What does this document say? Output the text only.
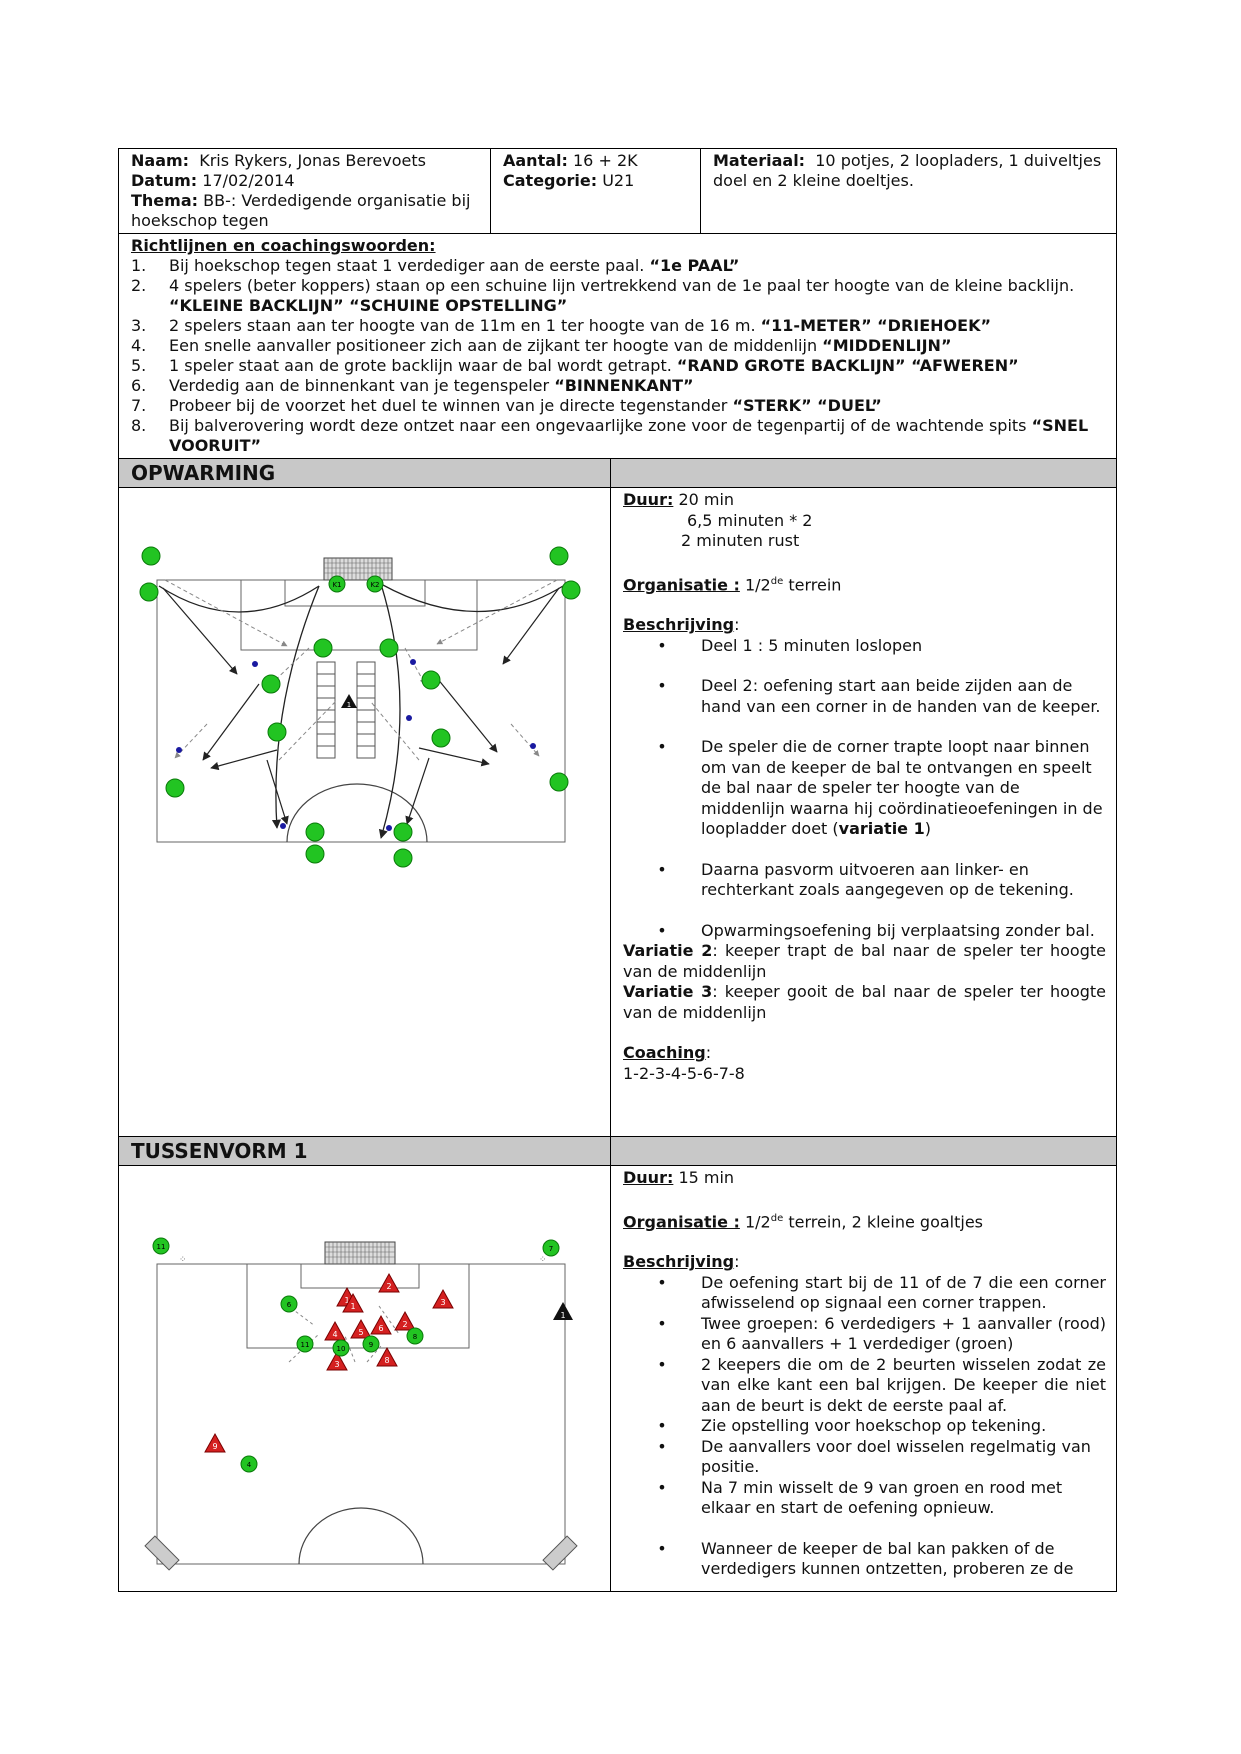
Naam: Kris Rykers, Jonas Berevoets
Datum: 17/02/2014
Thema: BB-: Verdedigende organisatie bij hoekschop tegen
Aantal: 16 + 2K
Categorie: U21
Materiaal: 10 potjes, 2 loopladers, 1 duiveltjes doel en 2 kleine doeltjes.
Richtlijnen en coachingswoorden:
1.	Bij hoekschop tegen staat 1 verdediger aan de eerste paal. “1e PAAL”
2.	4 spelers (beter koppers) staan op een schuine lijn vertrekkend van de 1e paal ter hoogte van de kleine backlijn. “KLEINE BACKLIJN” “SCHUINE OPSTELLING”
3.	2 spelers staan aan ter hoogte van de 11m en 1 ter hoogte van de 16 m. “11-METER” “DRIEHOEK”
4.	Een snelle aanvaller positioneer zich aan de zijkant ter hoogte van de middenlijn “MIDDENLIJN”
5.	1 speler staat aan de grote backlijn waar de bal wordt getrapt. “RAND GROTE BACKLIJN” “AFWEREN”
6.	Verdedig aan de binnenkant van je tegenspeler “BINNENKANT”
7.	Probeer bij de voorzet het duel te winnen van je directe tegenstander “STERK” “DUEL”
8.	Bij balverovering wordt deze ontzet naar een ongevaarlijke zone voor de tegenpartij of de wachtende spits “SNEL VOORUIT”
OPWARMING
1
K1	K2
Duur: 20 min
6,5 minuten * 2
2 minuten rust
Organisatie : 1/2de terrein
Beschrijving:
•	Deel 1 : 5 minuten loslopen
•	Deel 2: oefening start aan beide zijden aan de hand van een corner in de handen van de keeper.
•	De speler die de corner trapte loopt naar binnen om van de keeper de bal te ontvangen en speelt de bal naar de speler ter hoogte van de middenlijn waarna hij coördinatieoefeningen in de loopladder doet (variatie 1)
•	Daarna pasvorm uitvoeren aan linker- en rechterkant zoals aangegeven op de tekening.
•	Opwarmingsoefening bij verplaatsing zonder bal.
Variatie 2: keeper trapt de bal naar de speler ter hoogte van de middenlijn
Variatie 3: keeper gooit de bal naar de speler ter hoogte van de middenlijn
Coaching:
1-2-3-4-5-6-7-8
TUSSENVORM 1
1
⁘	⁘
1
2
3
4	5 6 2
3	8
9
1
11	7
6
11	10	9
8
4
Duur: 15 min
Organisatie : 1/2de terrein, 2 kleine goaltjes
Beschrijving:
•	De oefening start bij de 11 of de 7 die een corner afwisselend op signaal een corner trappen.
•	Twee groepen: 6 verdedigers + 1 aanvaller (rood) en 6 aanvallers + 1 verdediger (groen)
•	2 keepers die om de 2 beurten wisselen zodat ze van elke kant een bal krijgen. De keeper die niet aan de beurt is dekt de eerste paal af.
•	Zie opstelling voor hoekschop op tekening.
•	De aanvallers voor doel wisselen regelmatig van positie.
•	Na 7 min wisselt de 9 van groen en rood met elkaar en start de oefening opnieuw.
•	Wanneer de keeper de bal kan pakken of de verdedigers kunnen ontzetten, proberen ze de
